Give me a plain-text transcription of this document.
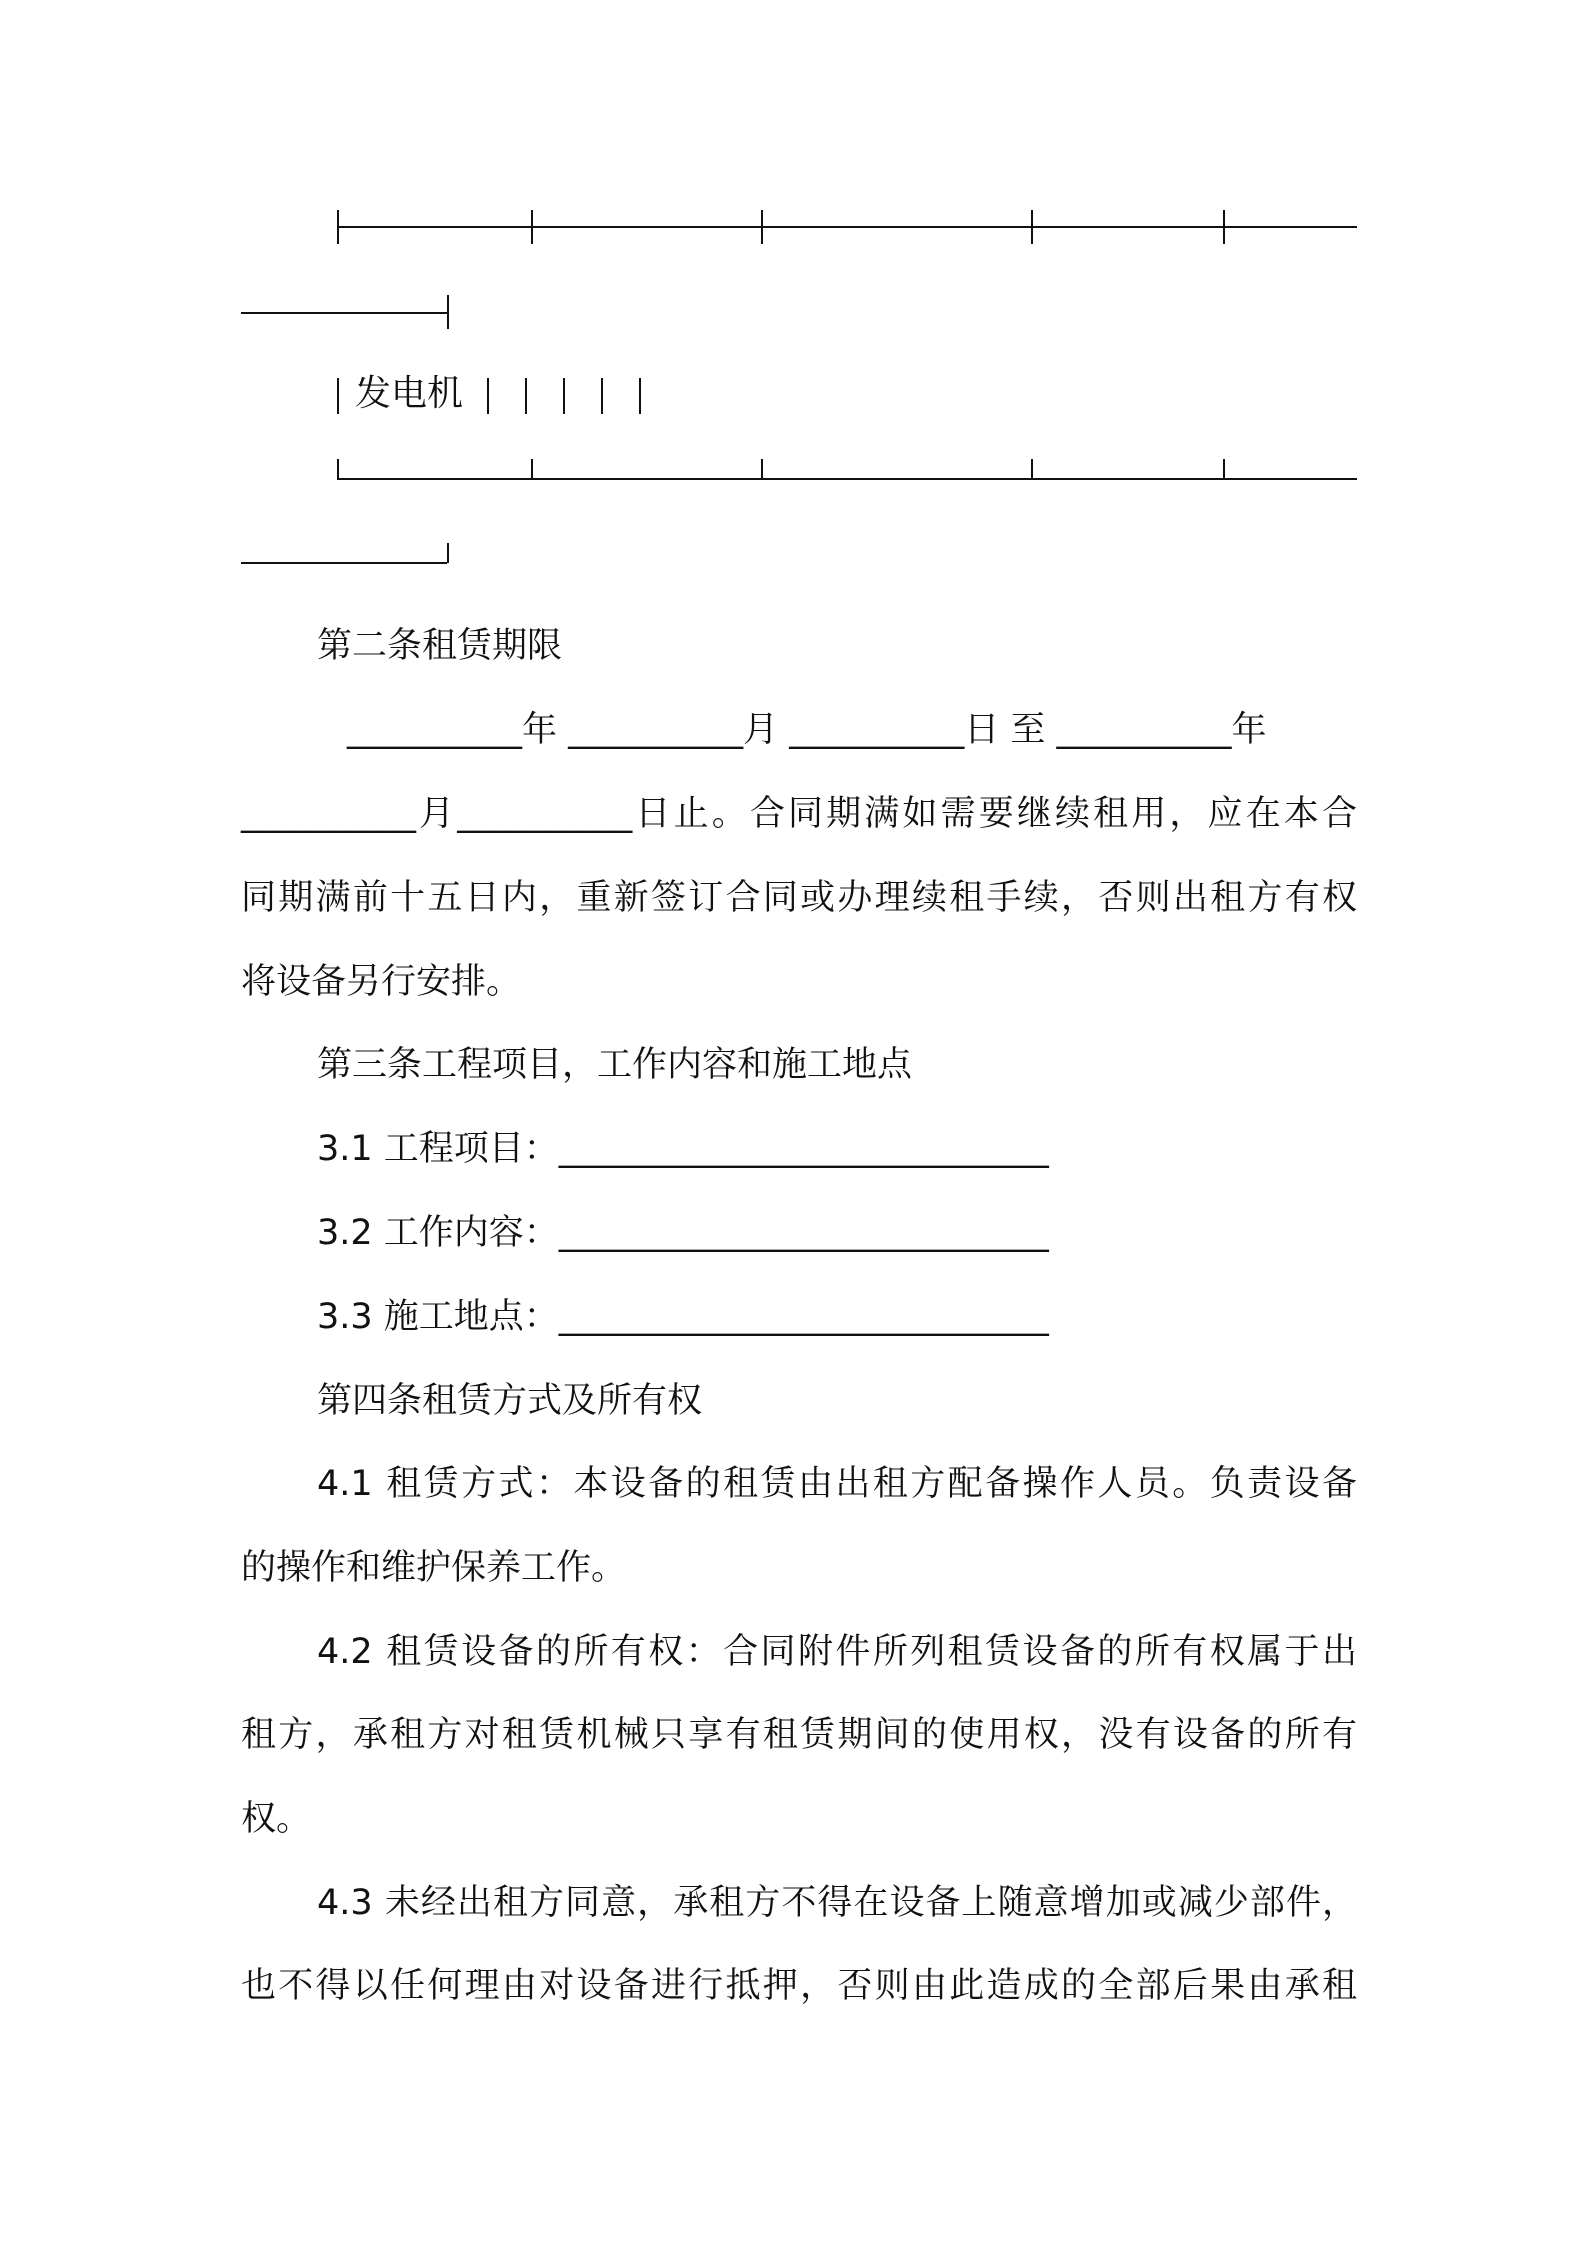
发电机
第二条租赁期限
__________年 __________月 __________日 至 __________年
__________月__________日止。合同期满如需要继续租用，应在本合
同期满前十五日内，重新签订合同或办理续租手续，否则出租方有权
将设备另行安排。
第三条工程项目，工作内容和施工地点
3.1 工程项目：____________________________
3.2 工作内容：____________________________
3.3 施工地点：____________________________
第四条租赁方式及所有权
4.1 租赁方式：本设备的租赁由出租方配备操作人员。负责设备
的操作和维护保养工作。
4.2 租赁设备的所有权：合同附件所列租赁设备的所有权属于出
租方，承租方对租赁机械只享有租赁期间的使用权，没有设备的所有
权。
4.3 未经出租方同意，承租方不得在设备上随意增加或减少部件，
也不得以任何理由对设备进行抵押，否则由此造成的全部后果由承租
